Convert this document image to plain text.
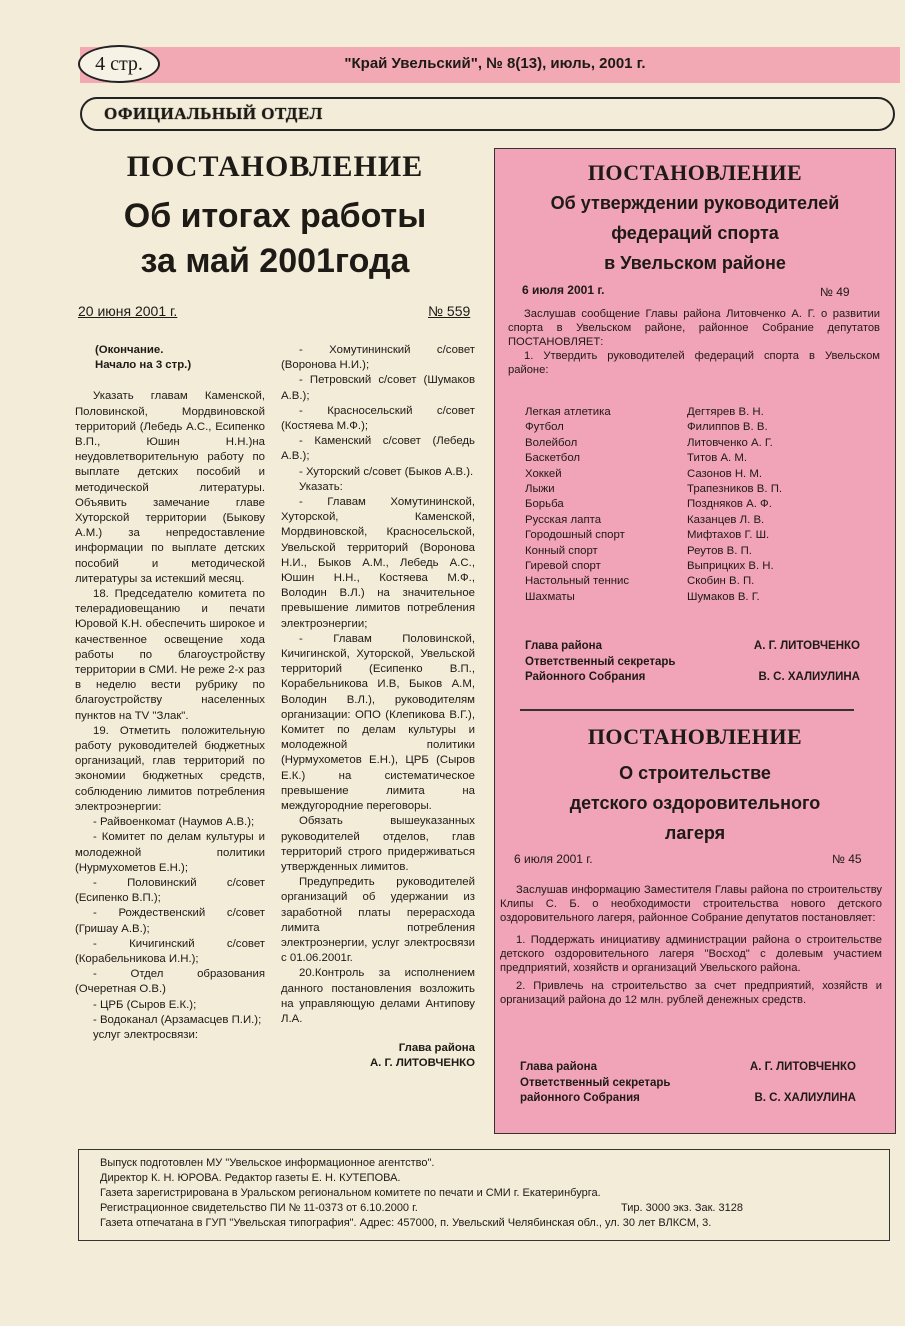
4 стр.	"Край Увельский", № 8(13), июль, 2001 г.
ОФИЦИАЛЬНЫЙ ОТДЕЛ
ПОСТАНОВЛЕНИЕ
Об итогах работы
за май 2001года
20 июня 2001 г.	№ 559

(Окончание.

Начало на 3 стр.)

Указать главам Каменской, Половинской, Мордвиновской территорий (Лебедь А.С., Есипенко В.П., Юшин Н.Н.)на неудовлетворительную работу по выплате детских пособий и методической литературы. Объявить замечание главе Хуторской территории (Быкову А.М.) за непредоставление информации по выплате детских пособий и методической литературы за истекший месяц.

18. Председателю комитета по телерадиовещанию и печати Юровой К.Н. обеспечить широкое и качественное освещение хода работы по благоустройству территории в СМИ. Не реже 2-х раз в неделю вести рубрику по благоустройству населенных пунктов на TV "Злак".

19. Отметить положительную работу руководителей бюджетных организаций, глав территорий по экономии бюджетных средств, соблюдению лимитов потребления электроэнергии:

- Райвоенкомат (Наумов А.В.);

- Комитет по делам культуры и молодежной политики (Нурмухометов Е.Н.);

- Половинский с/совет (Есипенко В.П.);

- Рождественский с/совет (Гришау А.В.);

- Кичигинский с/совет (Корабельникова И.Н.);

- Отдел образования (Очеретная О.В.)

- ЦРБ (Сыров Е.К.);

- Водоканал (Арзамасцев П.И.);

услуг электросвязи:

- Хомутининский с/совет (Воронова Н.И.);

- Петровский с/совет (Шумаков А.В.);

- Красносельский с/совет (Костяева М.Ф.);

- Каменский с/совет (Лебедь А.В.);

- Хуторский с/совет (Быков А.В.).

Указать:

- Главам Хомутининской, Хуторской, Каменской, Мордвиновской, Красносельской, Увельской территорий (Воронова Н.И., Быков А.М., Лебедь А.С., Юшин Н.Н., Костяева М.Ф., Володин В.Л.) на значительное превышение лимитов потребления электроэнергии;

- Главам Половинской, Кичигинской, Хуторской, Увельской территорий (Есипенко В.П., Корабельникова И.В, Быков А.М, Володин В.Л.), руководителям организации: ОПО (Клепикова В.Г.), Комитет по делам культуры и молодежной политики (Нурмухометов Е.Н.), ЦРБ (Сыров Е.К.) на систематическое превышение лимита на междугородние переговоры.

Обязать вышеуказанных руководителей отделов, глав территорий строго придерживаться утвержденных лимитов.

Предупредить руководителей организаций об удержании из заработной платы перерасхода лимита потребления электроэнергии, услуг электросвязи с 01.06.2001г.

20.Контроль за исполнением данного постановления возложить на управляющую делами Антипову Л.А.

Глава района

А. Г. ЛИТОВЧЕНКО

ПОСТАНОВЛЕНИЕ
Об утверждении руководителей
федераций спорта
в Увельском районе
6 июля 2001 г.	№ 49

Заслушав сообщение Главы района Литовченко А. Г. о развитии спорта в Увельском районе, районное Собрание депутатов ПОСТАНОВЛЯЕТ:

1. Утвердить руководителей федераций спорта в Увельском районе:

Легкая атлетика	Дегтярев В. Н.
Футбол	Филиппов В. В.
Волейбол	Литовченко А. Г.
Баскетбол	Титов А. М.
Хоккей	Сазонов Н. М.
Лыжи	Трапезников В. П.
Борьба	Поздняков А. Ф.
Русская лапта	Казанцев Л. В.
Городошный спорт	Мифтахов Г. Ш.
Конный спорт	Реутов В. П.
Гиревой спорт	Выприцких В. Н.
Настольный теннис	Скобин В. П.
Шахматы	Шумаков В. Г.
Глава района	А. Г. ЛИТОВЧЕНКО
Ответственный секретарь
Районного Собрания	В. С. ХАЛИУЛИНА
ПОСТАНОВЛЕНИЕ
О строительстве
детского оздоровительного
лагеря
6 июля 2001 г.	№ 45

Заслушав информацию Заместителя Главы района по строительству Клипы С. Б. о необходимости строительства нового детского оздоровительного лагеря, районное Собрание депутатов постановляет:

1. Поддержать инициативу администрации района о строительстве детского оздоровительного лагеря "Восход" с долевым участием предприятий, хозяйств и организаций Увельского района.

2. Привлечь на строительство за счет предприятий, хозяйств и организаций района до 12 млн. рублей денежных средств.

Глава района	А. Г. ЛИТОВЧЕНКО
Ответственный секретарь
районного Собрания	В. С. ХАЛИУЛИНА
Выпуск подготовлен МУ "Увельское информационное агентство".
Директор К. Н. ЮРОВА. Редактор газеты Е. Н. КУТЕПОВА.
Газета зарегистрирована в Уральском региональном комитете по печати и СМИ г. Екатеринбурга.
Регистрационное свидетельство ПИ № 11-0373 от 6.10.2000 г.	Тир. 3000 экз. Зак. 3128
Газета отпечатана в ГУП "Увельская типография". Адрес: 457000, п. Увельский Челябинская обл., ул. 30 лет ВЛКСМ, 3.
